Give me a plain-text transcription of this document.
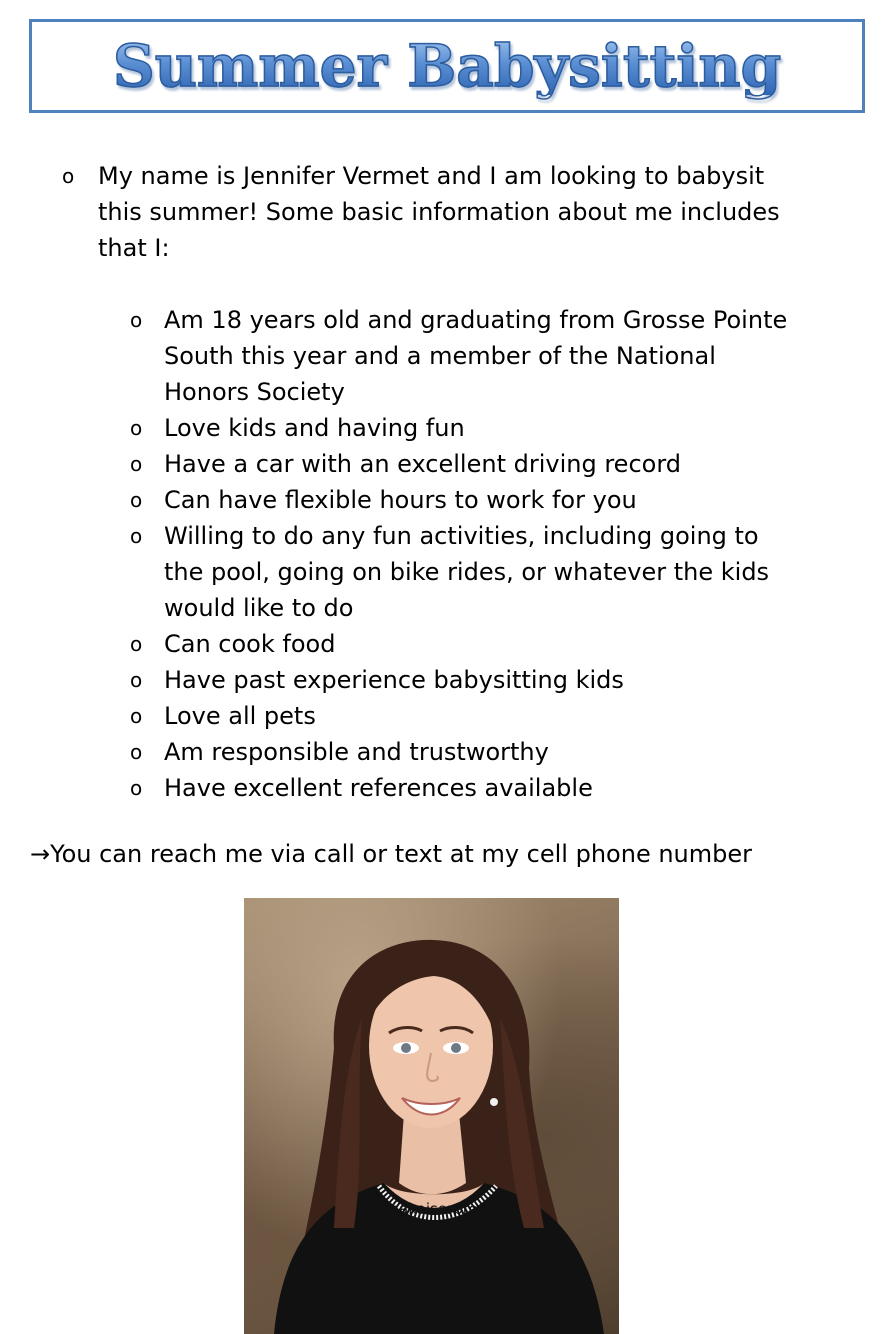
Summer Babysitting
o My name is Jennifer Vermet and I am looking to babysit
this summer! Some basic information about me includes
that I:
o Am 18 years old and graduating from Grosse Pointe
South this year and a member of the National
Honors Society
o Love kids and having fun
o Have a car with an excellent driving record
o Can have flexible hours to work for you
o Willing to do any fun activities, including going to
the pool, going on bike rides, or whatever the kids
would like to do
o Can cook food
o Have past experience babysitting kids
o Love all pets
o Am responsible and trustworthy
o Have excellent references available
→You can reach me via call or text at my cell phone number
danakaiserproof
